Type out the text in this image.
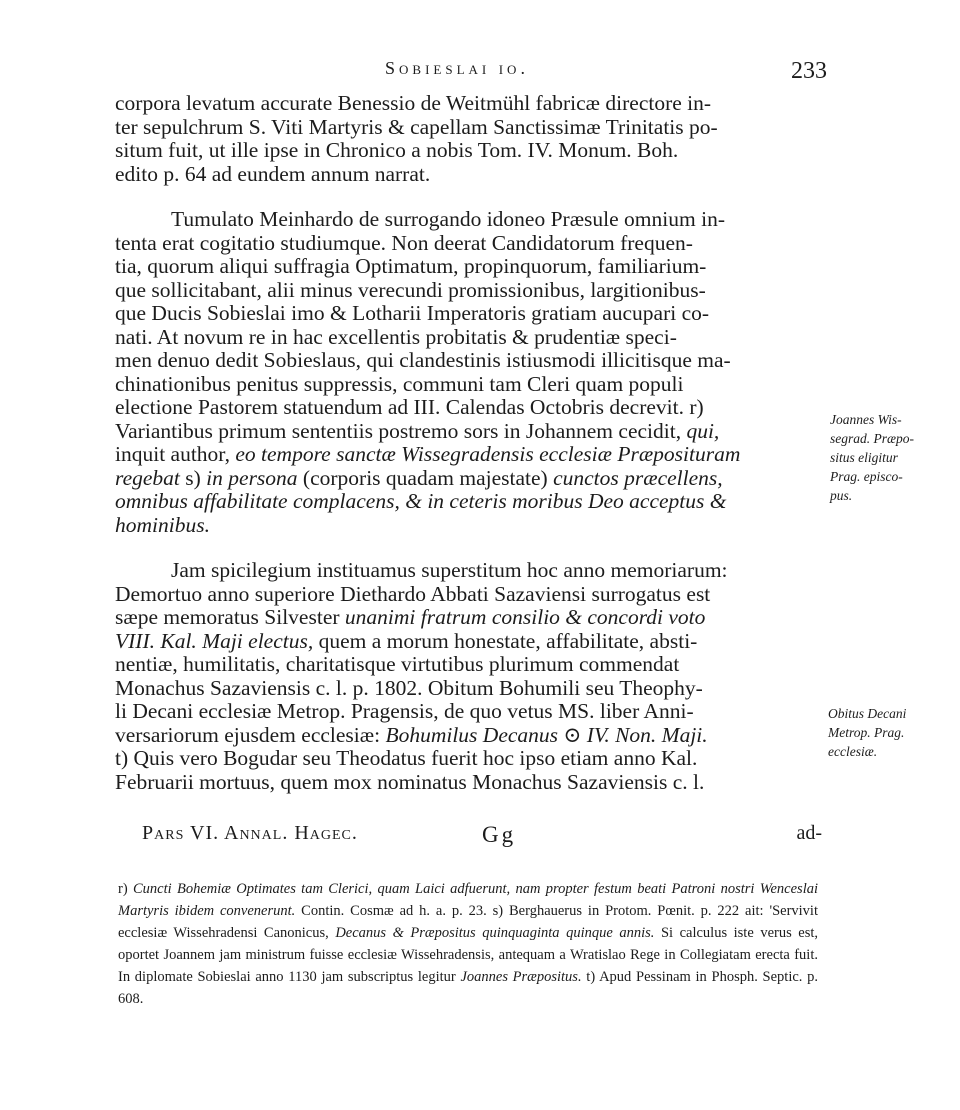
Sobieslai io.	233

corpora levatum accurate Benessio de Weitmühl fabricæ directore in-

ter sepulchrum S. Viti Martyris & capellam Sanctissimæ Trinitatis po-

situm fuit, ut ille ipse in Chronico a nobis Tom. IV. Monum. Boh.

edito p. 64 ad eundem annum narrat.

Tumulato Meinhardo de surrogando idoneo Præsule omnium in-

tenta erat cogitatio studiumque. Non deerat Candidatorum frequen-

tia, quorum aliqui suffragia Optimatum, propinquorum, familiarium-

que sollicitabant, alii minus verecundi promissionibus, largitionibus-

que Ducis Sobieslai imo & Lotharii Imperatoris gratiam aucupari co-

nati. At novum re in hac excellentis probitatis & prudentiæ speci-

men denuo dedit Sobieslaus, qui clandestinis istiusmodi illicitisque ma-

chinationibus penitus suppressis, communi tam Cleri quam populi

electione Pastorem statuendum ad III. Calendas Octobris decrevit. r)

Variantibus primum sententiis postremo sors in Johannem cecidit, qui,

inquit author, eo tempore sanctæ Wissegradensis ecclesiæ Præposituram

regebat s) in persona (corporis quadam majestate) cunctos præcellens,

omnibus affabilitate complacens, & in ceteris moribus Deo acceptus &

hominibus.

Jam spicilegium instituamus superstitum hoc anno memoriarum:

Demortuo anno superiore Diethardo Abbati Sazaviensi surrogatus est

sæpe memoratus Silvester unanimi fratrum consilio & concordi voto

VIII. Kal. Maji electus, quem a morum honestate, affabilitate, absti-

nentiæ, humilitatis, charitatisque virtutibus plurimum commendat

Monachus Sazaviensis c. l. p. 1802. Obitum Bohumili seu Theophy-

li Decani ecclesiæ Metrop. Pragensis, de quo vetus MS. liber Anni-

versariorum ejusdem ecclesiæ: Bohumilus Decanus ⊙ IV. Non. Maji.

t) Quis vero Bogudar seu Theodatus fuerit hoc ipso etiam anno Kal.

Februarii mortuus, quem mox nominatus Monachus Sazaviensis c. l.

Pars VI. Annal. Hagec.	Gg	ad-
Joannes Wis-
segrad. Præpo-
situs eligitur
Prag. episco-
pus.
Obitus Decani
Metrop. Prag.
ecclesiæ.

r) Cuncti Bohemiæ Optimates tam Clerici, quam Laici adfuerunt, nam propter festum beati Patroni nostri Wenceslai Martyris ibidem convenerunt. Contin. Cosmæ ad h. a. p. 23. s) Berghauerus in Protom. Pœnit. p. 222 ait: 'Servivit ecclesiæ Wissehradensi Canonicus, Decanus & Præpositus quinquaginta quinque annis. Si calculus iste verus est, oportet Joannem jam ministrum fuisse ecclesiæ Wissehradensis, antequam a Wratislao Rege in Collegiatam erecta fuit. In diplomate Sobieslai anno 1130 jam subscriptus legitur Joannes Præpositus. t) Apud Pessinam in Phosph. Septic. p. 608.
